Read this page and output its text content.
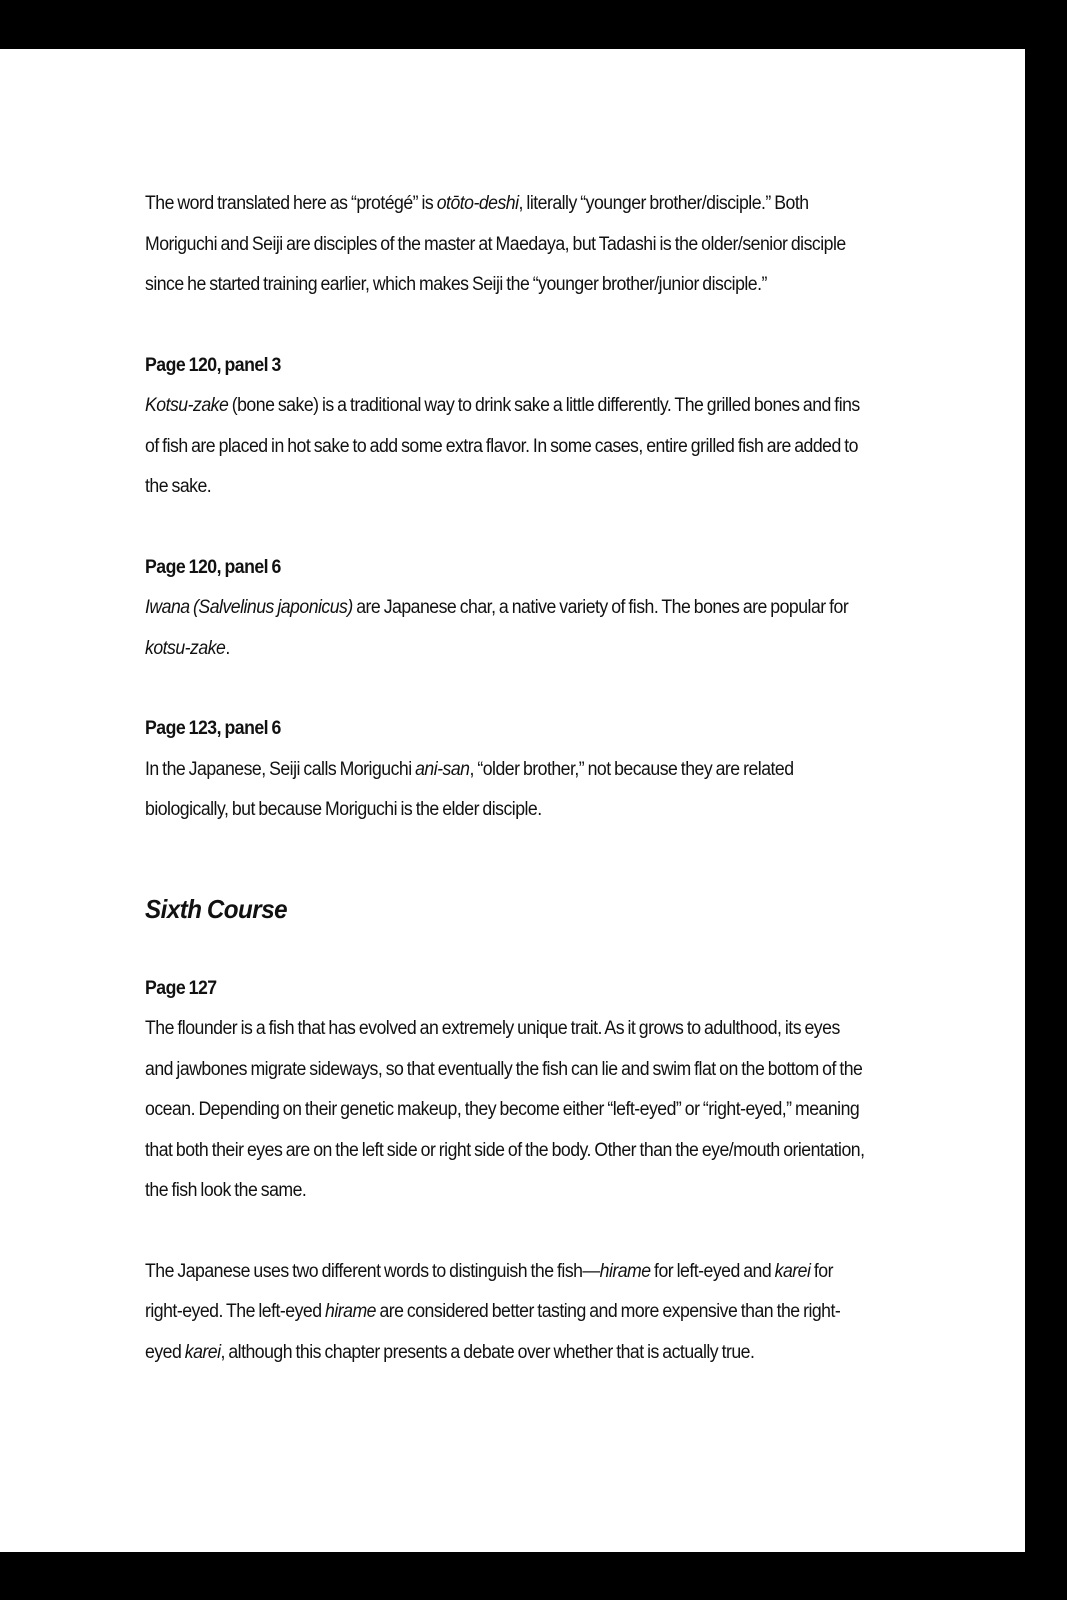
The word translated here as “protégé” is otōto-deshi, literally “younger brother/disciple.” Both Moriguchi and Seiji are disciples of the master at Maedaya, but Tadashi is the older/senior disciple since he started training earlier, which makes Seiji the “younger brother/junior disciple.”

Page 120, panel 3

Kotsu-zake (bone sake) is a traditional way to drink sake a little differently. The grilled bones and fins of fish are placed in hot sake to add some extra flavor. In some cases, entire grilled fish are added to the sake.

Page 120, panel 6

Iwana (Salvelinus japonicus) are Japanese char, a native variety of fish. The bones are popular for kotsu-zake.

Page 123, panel 6

In the Japanese, Seiji calls Moriguchi ani-san, “older brother,” not because they are related biologically, but because Moriguchi is the elder disciple.

Sixth Course

Page 127

The flounder is a fish that has evolved an extremely unique trait. As it grows to adulthood, its eyes and jawbones migrate sideways, so that eventually the fish can lie and swim flat on the bottom of the ocean. Depending on their genetic makeup, they become either “left-eyed” or “right-eyed,” meaning that both their eyes are on the left side or right side of the body. Other than the eye/mouth orientation, the fish look the same.

The Japanese uses two different words to distinguish the fish—hirame for left-eyed and karei for right-eyed. The left-eyed hirame are considered better tasting and more expensive than the right-eyed karei, although this chapter presents a debate over whether that is actually true.
